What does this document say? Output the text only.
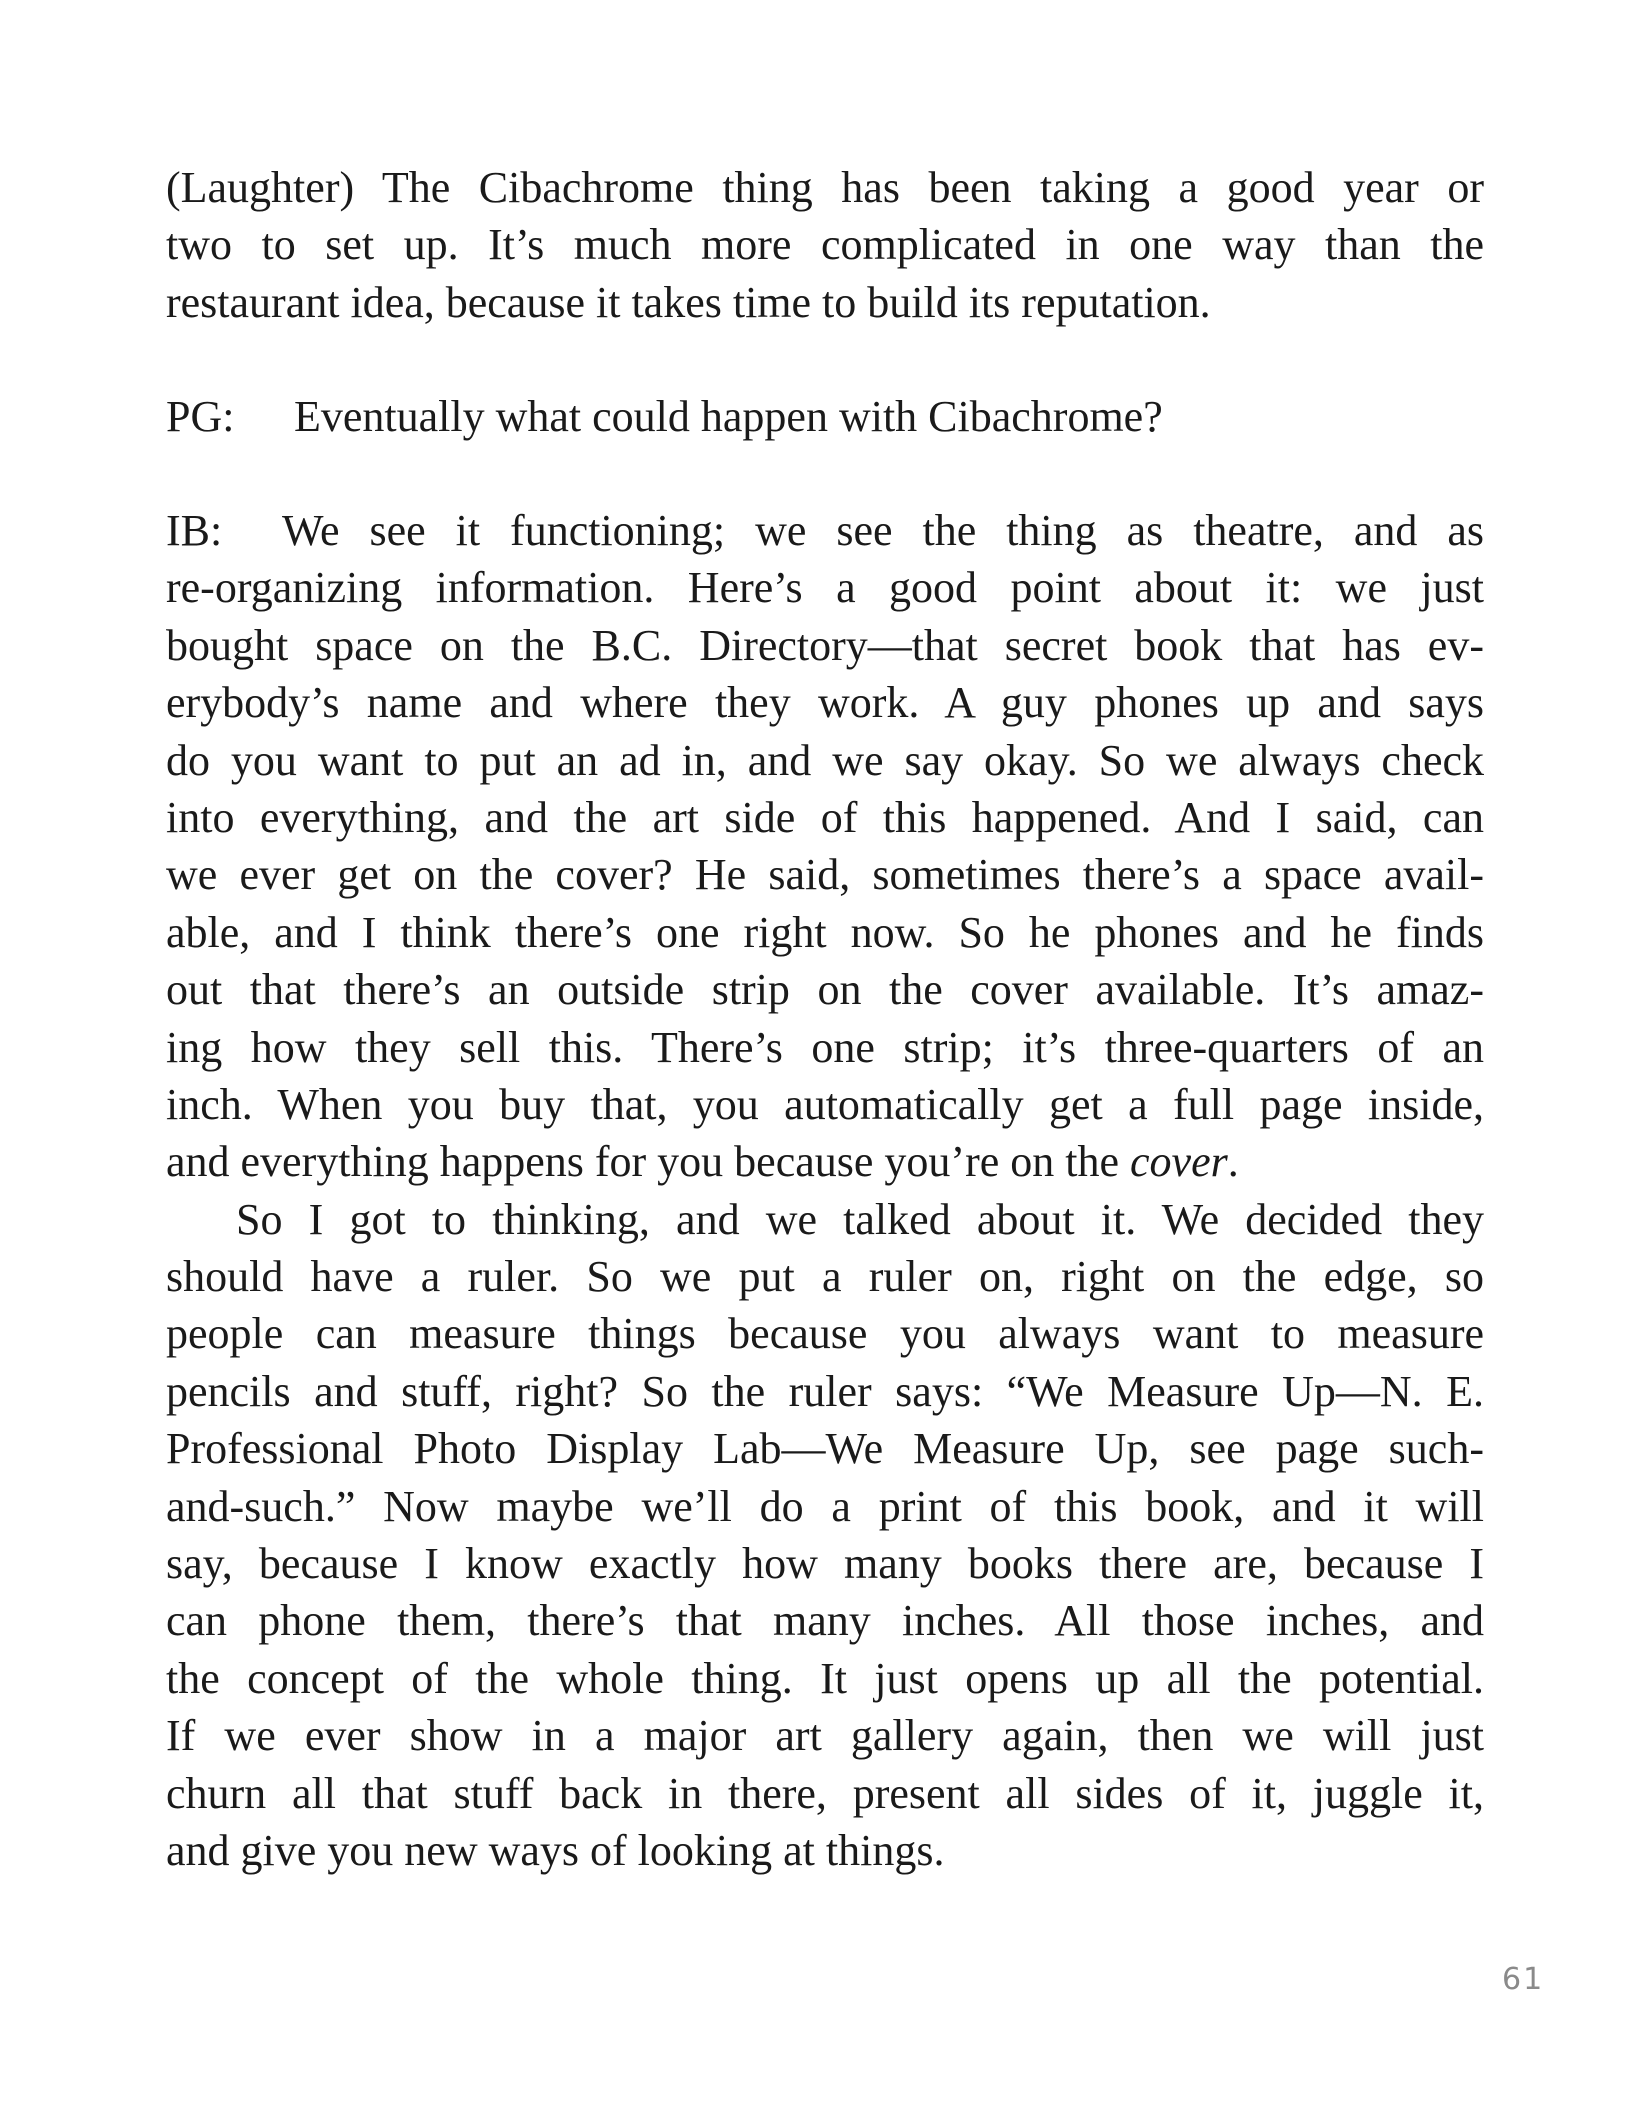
(Laughter) The Cibachrome thing has been taking a good year or
two to set up. It’s much more complicated in one way than the
restaurant idea, because it takes time to build its reputation.
PG:	Eventually what could happen with Cibachrome?
IB:	We see it functioning; we see the thing as theatre, and as
re-organizing information. Here’s a good point about it: we just
bought space on the B.C. Directory—that secret book that has ev-
erybody’s name and where they work. A guy phones up and says
do you want to put an ad in, and we say okay. So we always check
into everything, and the art side of this happened. And I said, can
we ever get on the cover? He said, sometimes there’s a space avail-
able, and I think there’s one right now. So he phones and he finds
out that there’s an outside strip on the cover available. It’s amaz-
ing how they sell this. There’s one strip; it’s three-quarters of an
inch. When you buy that, you automatically get a full page inside,
and everything happens for you because you’re on the cover.
So I got to thinking, and we talked about it. We decided they
should have a ruler. So we put a ruler on, right on the edge, so
people can measure things because you always want to measure
pencils and stuff, right? So the ruler says: “We Measure Up—N. E.
Professional Photo Display Lab—We Measure Up, see page such-
and-such.” Now maybe we’ll do a print of this book, and it will
say, because I know exactly how many books there are, because I
can phone them, there’s that many inches. All those inches, and
the concept of the whole thing. It just opens up all the potential.
If we ever show in a major art gallery again, then we will just
churn all that stuff back in there, present all sides of it, juggle it,
and give you new ways of looking at things.
61
